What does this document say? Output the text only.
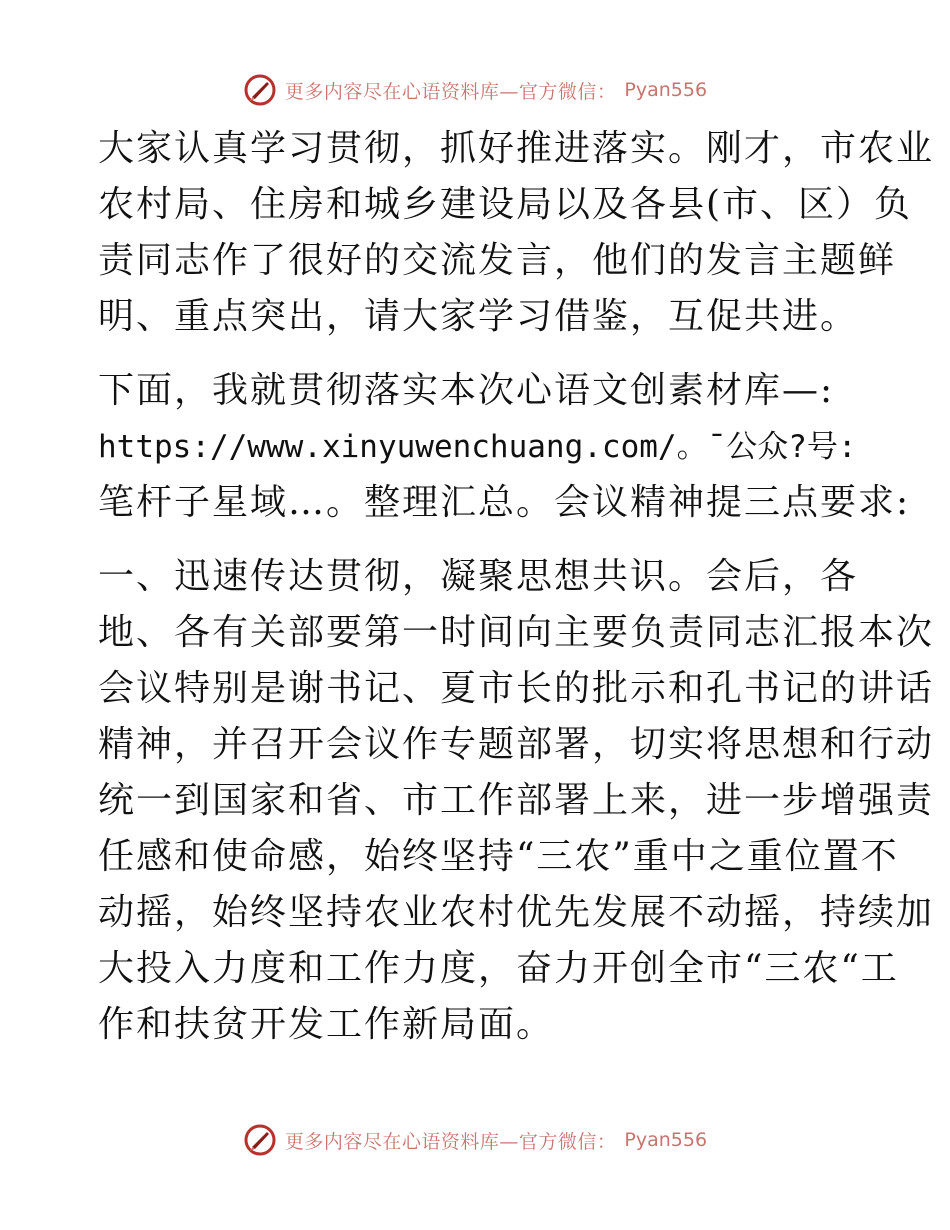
更多内容尽在心语资料库—官方微信： Pyan556
大家认真学习贯彻，抓好推进落实。刚才，市农业
农村局、住房和城乡建设局以及各县(市、区）负
责同志作了很好的交流发言，他们的发言主题鲜
明、重点突出，请大家学习借鉴，互促共进。
下面，我就贯彻落实本次心语文创素材库—:
https://www.xinyuwenchuang.com/。¯公众?号:
笔杆子星域…。整理汇总。会议精神提三点要求:
一、迅速传达贯彻，凝聚思想共识。会后，各
地、各有关部要第一时间向主要负责同志汇报本次
会议特别是谢书记、夏市长的批示和孔书记的讲话
精神，并召开会议作专题部署，切实将思想和行动
统一到国家和省、市工作部署上来，进一步增强责
任感和使命感，始终坚持“三农”重中之重位置不
动摇，始终坚持农业农村优先发展不动摇，持续加
大投入力度和工作力度，奋力开创全市“三农“工
作和扶贫开发工作新局面。
更多内容尽在心语资料库—官方微信： Pyan556
